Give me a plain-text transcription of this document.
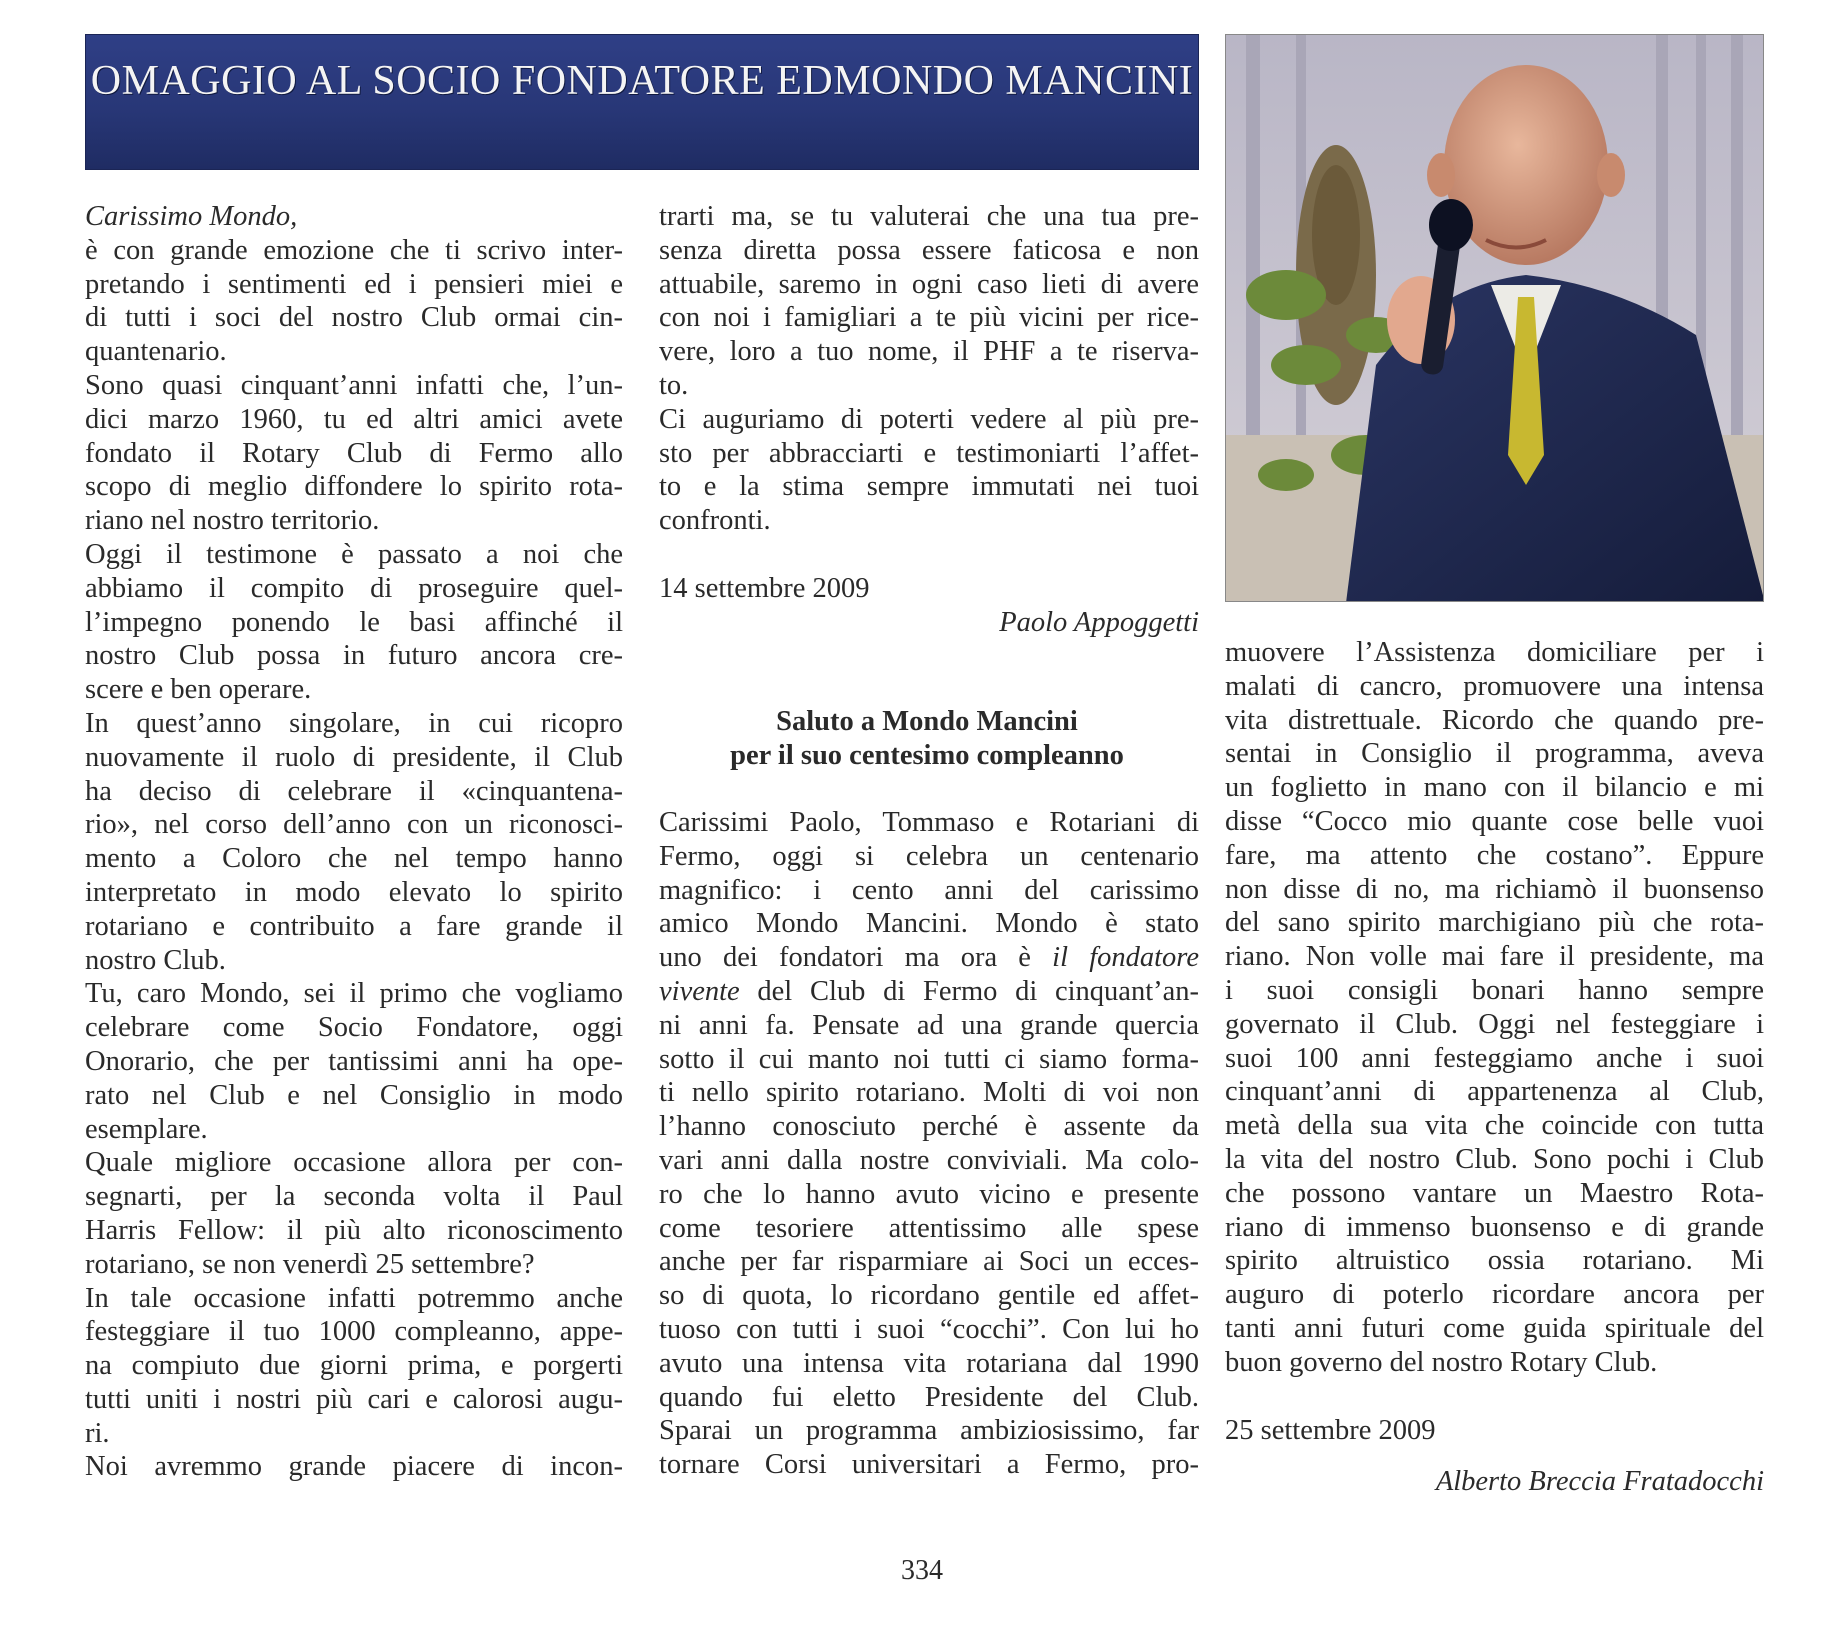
OMAGGIO AL SOCIO FONDATORE EDMONDO MANCINI
Carissimo Mondo,
è con grande emozione che ti scrivo inter-
pretando i sentimenti ed i pensieri miei e
di tutti i soci del nostro Club ormai cin-
quantenario.
Sono quasi cinquant’anni infatti che, l’un-
dici marzo 1960, tu ed altri amici avete
fondato il Rotary Club di Fermo allo
scopo di meglio diffondere lo spirito rota-
riano nel nostro territorio.
Oggi il testimone è passato a noi che
abbiamo il compito di proseguire quel-
l’impegno ponendo le basi affinché il
nostro Club possa in futuro ancora cre-
scere e ben operare.
In quest’anno singolare, in cui ricopro
nuovamente il ruolo di presidente, il Club
ha deciso di celebrare il «cinquantena-
rio», nel corso dell’anno con un riconosci-
mento a Coloro che nel tempo hanno
interpretato in modo elevato lo spirito
rotariano e contribuito a fare grande il
nostro Club.
Tu, caro Mondo, sei il primo che vogliamo
celebrare come Socio Fondatore, oggi
Onorario, che per tantissimi anni ha ope-
rato nel Club e nel Consiglio in modo
esemplare.
Quale migliore occasione allora per con-
segnarti, per la seconda volta il Paul
Harris Fellow: il più alto riconoscimento
rotariano, se non venerdì 25 settembre?
In tale occasione infatti potremmo anche
festeggiare il tuo 1000 compleanno, appe-
na compiuto due giorni prima, e porgerti
tutti uniti i nostri più cari e calorosi augu-
ri.
Noi avremmo grande piacere di incon-
trarti ma, se tu valuterai che una tua pre-
senza diretta possa essere faticosa e non
attuabile, saremo in ogni caso lieti di avere
con noi i famigliari a te più vicini per rice-
vere, loro a tuo nome, il PHF a te riserva-
to.
Ci auguriamo di poterti vedere al più pre-
sto per abbracciarti e testimoniarti l’affet-
to e la stima sempre immutati nei tuoi
confronti.
14 settembre 2009
Paolo Appoggetti
Saluto a Mondo Mancini
per il suo centesimo compleanno
Carissimi Paolo, Tommaso e Rotariani di
Fermo, oggi si celebra un centenario
magnifico: i cento anni del carissimo
amico Mondo Mancini. Mondo è stato
uno dei fondatori ma ora è il fondatore
vivente del Club di Fermo di cinquant’an-
ni anni fa. Pensate ad una grande quercia
sotto il cui manto noi tutti ci siamo forma-
ti nello spirito rotariano. Molti di voi non
l’hanno conosciuto perché è assente da
vari anni dalla nostre conviviali. Ma colo-
ro che lo hanno avuto vicino e presente
come tesoriere attentissimo alle spese
anche per far risparmiare ai Soci un ecces-
so di quota, lo ricordano gentile ed affet-
tuoso con tutti i suoi “cocchi”. Con lui ho
avuto una intensa vita rotariana dal 1990
quando fui eletto Presidente del Club.
Sparai un programma ambiziosissimo, far
tornare Corsi universitari a Fermo, pro-
muovere l’Assistenza domiciliare per i
malati di cancro, promuovere una intensa
vita distrettuale. Ricordo che quando pre-
sentai in Consiglio il programma, aveva
un foglietto in mano con il bilancio e mi
disse “Cocco mio quante cose belle vuoi
fare, ma attento che costano”. Eppure
non disse di no, ma richiamò il buonsenso
del sano spirito marchigiano più che rota-
riano. Non volle mai fare il presidente, ma
i suoi consigli bonari hanno sempre
governato il Club. Oggi nel festeggiare i
suoi 100 anni festeggiamo anche i suoi
cinquant’anni di appartenenza al Club,
metà della sua vita che coincide con tutta
la vita del nostro Club. Sono pochi i Club
che possono vantare un Maestro Rota-
riano di immenso buonsenso e di grande
spirito altruistico ossia rotariano. Mi
auguro di poterlo ricordare ancora per
tanti anni futuri come guida spirituale del
buon governo del nostro Rotary Club.
25 settembre 2009
Alberto Breccia Fratadocchi
334
